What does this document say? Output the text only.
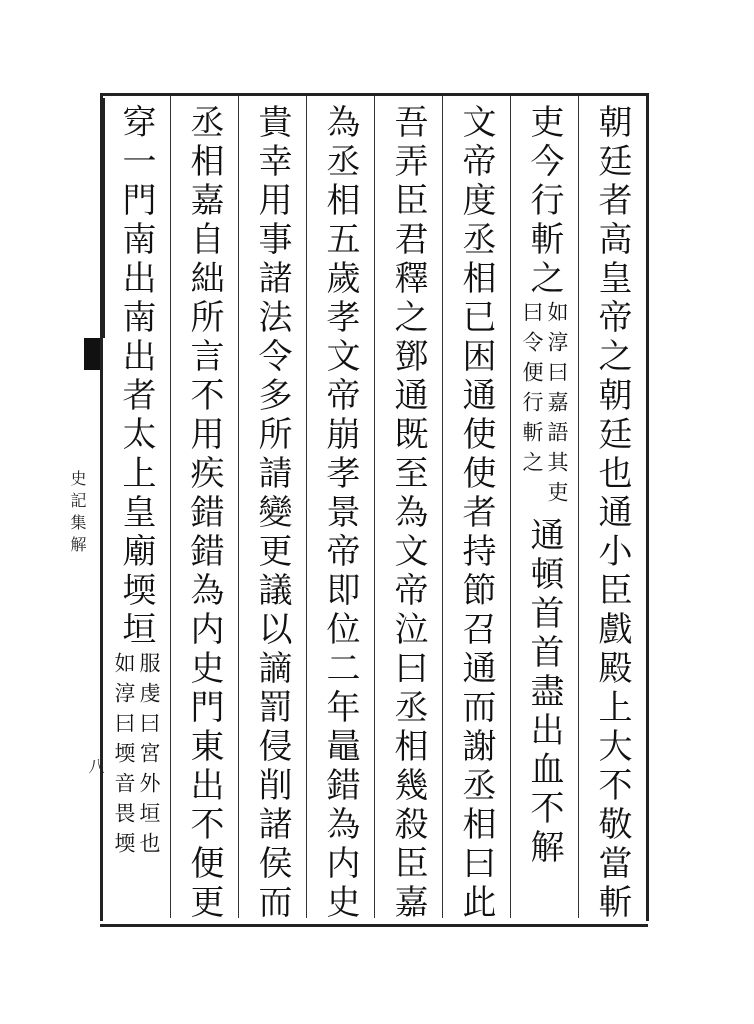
史記集解
八	朝廷者高皇帝之朝廷也通小臣戲殿上大不敬當斬
吏今行斬之
如淳曰嘉語其吏
曰令便行斬之
通頓首首盡出血不解
文帝度丞相已困通使使者持節召通而謝丞相曰此
吾弄臣君釋之鄧通既至為文帝泣曰丞相幾殺臣嘉
為丞相五歲孝文帝崩孝景帝即位二年鼂錯為内史
貴幸用事諸法令多所請變更議以謫罰侵削諸侯而
丞相嘉自絀所言不用疾錯錯為内史門東出不便更
穿一門南出南出者太上皇廟堧垣
服虔曰宮外垣也
如淳曰堧音畏堧
